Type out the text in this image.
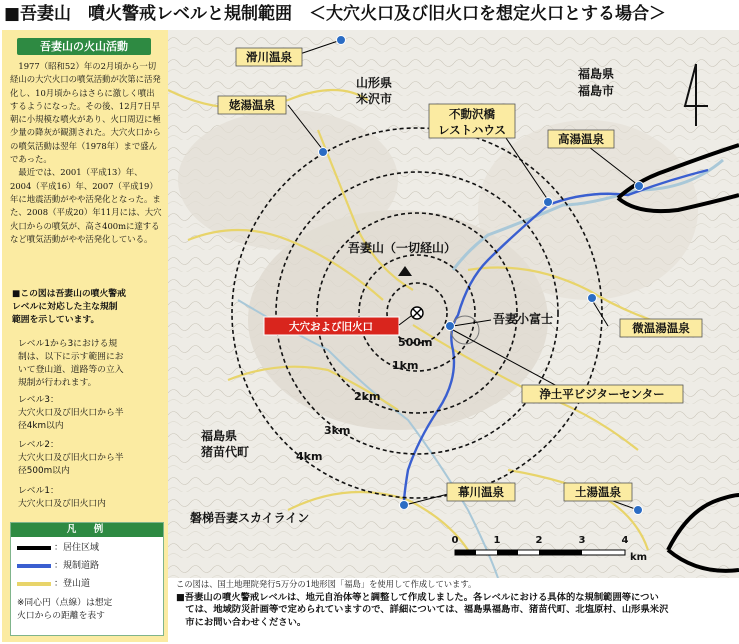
■吾妻山　噴火警戒レベルと規制範囲　＜大穴火口及び旧火口を想定火口とする場合＞
吾妻山の火山活動
　1977（昭和52）年の2月頃から一切経山の大穴火口の噴気活動が次第に活発化し、10月頃からはさらに激しく噴出するようになった。その後、12月7日早朝に小規模な噴火があり、火口周辺に極少量の降灰が観測された。大穴火口からの噴気活動は翌年（1978年）まで盛んであった。
　最近では、2001（平成13）年、2004（平成16）年、2007（平成19）年に地震活動がやや活発化となった。また、2008（平成20）年11月には、大穴火口からの噴気が、高さ400mに達するなど噴気活動がやや活発化している。
■この図は吾妻山の噴火警戒
レベルに対応した主な規制
範囲を示しています。
レベル1から3における規
制は、以下に示す範囲にお
いて登山道、道路等の立入
規制が行われます。
レベル3：
大穴火口及び旧火口から半
径4km以内
レベル2：
大穴火口及び旧火口から半
径500m以内
レベル1：
大穴火口及び旧火口内
凡　例
：居住区域
：規制道路
：登山道
※同心円（点線）は想定
火口からの距離を表す
500m
1km
2km
3km
4km
大穴および旧火口
吾妻山（一切経山）
吾妻小富士
山形県
米沢市
福島県
福島市
福島県
猪苗代町
磐梯吾妻スカイライン
滑川温泉
姥湯温泉
不動沢橋
レストハウス
高湯温泉
微温湯温泉
浄土平ビジターセンター
幕川温泉	土湯温泉
0	1	2	3	4
km
この図は、国土地理院発行5万分の1地形図「福島」を使用して作成しています。
■吾妻山の噴火警戒レベルは、地元自治体等と調整して作成しました。各レベルにおける具体的な規制範囲等につい
　ては、地域防災計画等で定められていますので、詳細については、福島県福島市、猪苗代町、北塩原村、山形県米沢
　市にお問い合わせください。
